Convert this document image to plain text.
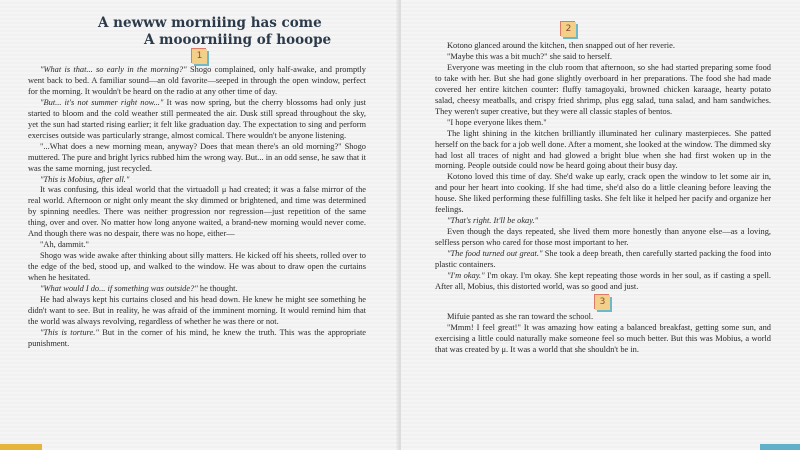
A newww morniiing has come
A mooorniiing of hooope
1

"What is that... so early in the morning?" Shogo complained, only half-awake, and promptly went back to bed. A familiar sound—an old favorite—seeped in through the open window, perfect for the morning. It wouldn't be heard on the radio at any other time of day.

"But... it's not summer right now..." It was now spring, but the cherry blossoms had only just started to bloom and the cold weather still permeated the air. Dusk still spread throughout the sky, yet the sun had started rising earlier; it felt like graduation day. The expectation to sing and perform exercises outside was particularly strange, almost comical. There wouldn't be anyone listening.

"...What does a new morning mean, anyway? Does that mean there's an old morning?" Shogo muttered. The pure and bright lyrics rubbed him the wrong way. But... in an odd sense, he saw that it was the same morning, just recycled.

"This is Mobius, after all."

It was confusing, this ideal world that the virtuadoll μ had created; it was a false mirror of the real world. Afternoon or night only meant the sky dimmed or brightened, and time was determined by spinning needles. There was neither progression nor regression—just repetition of the same thing, over and over. No matter how long anyone waited, a brand-new morning would never come. And though there was no despair, there was no hope, either—

"Ah, dammit."

Shogo was wide awake after thinking about silly matters. He kicked off his sheets, rolled over to the edge of the bed, stood up, and walked to the window. He was about to draw open the curtains when he hesitated.

"What would I do... if something was outside?" he thought.

He had always kept his curtains closed and his head down. He knew he might see something he didn't want to see. But in reality, he was afraid of the imminent morning. It would remind him that the world was always revolving, regardless of whether he was there or not.

"This is torture." But in the corner of his mind, he knew the truth. This was the appropriate punishment.

2

Kotono glanced around the kitchen, then snapped out of her reverie.

"Maybe this was a bit much?" she said to herself.

Everyone was meeting in the club room that afternoon, so she had started preparing some food to take with her. But she had gone slightly overboard in her preparations. The food she had made covered her entire kitchen counter: fluffy tamagoyaki, browned chicken karaage, hearty potato salad, cheesy meatballs, and crispy fried shrimp, plus egg salad, tuna salad, and ham sandwiches. They weren't super creative, but they were all classic staples of bentos.

"I hope everyone likes them."

The light shining in the kitchen brilliantly illuminated her culinary masterpieces. She patted herself on the back for a job well done. After a moment, she looked at the window. The dimmed sky had lost all traces of night and had glowed a bright blue when she had first woken up in the morning. People outside could now be heard going about their busy day.

Kotono loved this time of day. She'd wake up early, crack open the window to let some air in, and pour her heart into cooking. If she had time, she'd also do a little cleaning before leaving the house. She liked performing these fulfilling tasks. She felt like it helped her pacify and organize her feelings.

"That's right. It'll be okay."

Even though the days repeated, she lived them more honestly than anyone else—as a loving, selfless person who cared for those most important to her.

"The food turned out great." She took a deep breath, then carefully started packing the food into plastic containers.

"I'm okay." I'm okay. I'm okay. She kept repeating those words in her soul, as if casting a spell. After all, Mobius, this distorted world, was so good and just.

3

Mifuie panted as she ran toward the school.

"Mmm! I feel great!" It was amazing how eating a balanced breakfast, getting some sun, and exercising a little could naturally make someone feel so much better. But this was Mobius, a world that was created by μ. It was a world that she shouldn't be in.
